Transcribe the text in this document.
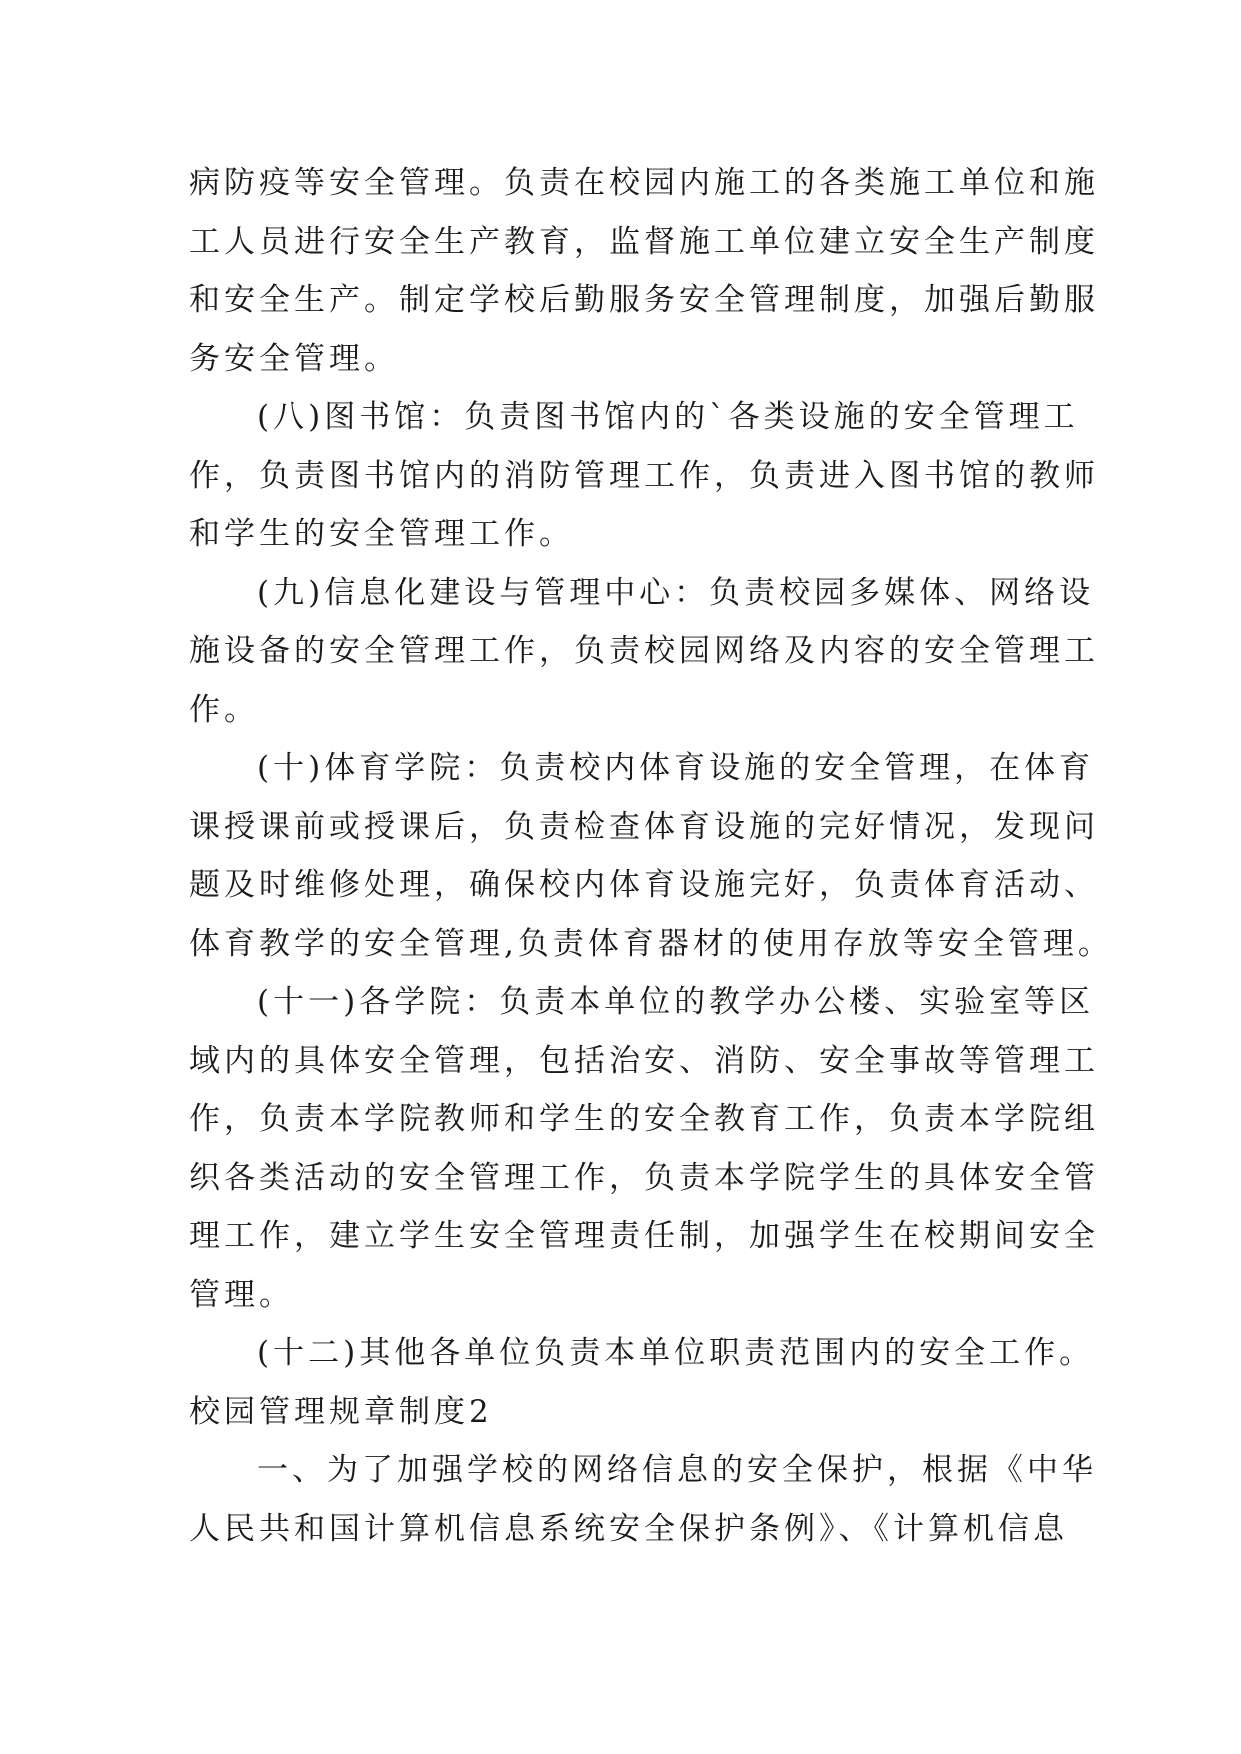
病防疫等安全管理。负责在校园内施工的各类施工单位和施
工人员进行安全生产教育，监督施工单位建立安全生产制度
和安全生产。制定学校后勤服务安全管理制度，加强后勤服
务安全管理。
(八)图书馆：负责图书馆内的`各类设施的安全管理工
作，负责图书馆内的消防管理工作，负责进入图书馆的教师
和学生的安全管理工作。
(九)信息化建设与管理中心：负责校园多媒体、网络设
施设备的安全管理工作，负责校园网络及内容的安全管理工
作。
(十)体育学院：负责校内体育设施的安全管理，在体育
课授课前或授课后，负责检查体育设施的完好情况，发现问
题及时维修处理，确保校内体育设施完好，负责体育活动、
体育教学的安全管理,负责体育器材的使用存放等安全管理。
(十一)各学院：负责本单位的教学办公楼、实验室等区
域内的具体安全管理，包括治安、消防、安全事故等管理工
作，负责本学院教师和学生的安全教育工作，负责本学院组
织各类活动的安全管理工作，负责本学院学生的具体安全管
理工作，建立学生安全管理责任制，加强学生在校期间安全
管理。
(十二)其他各单位负责本单位职责范围内的安全工作。
校园管理规章制度2
一、为了加强学校的网络信息的安全保护，根据《中华
人民共和国计算机信息系统安全保护条例》、《计算机信息
